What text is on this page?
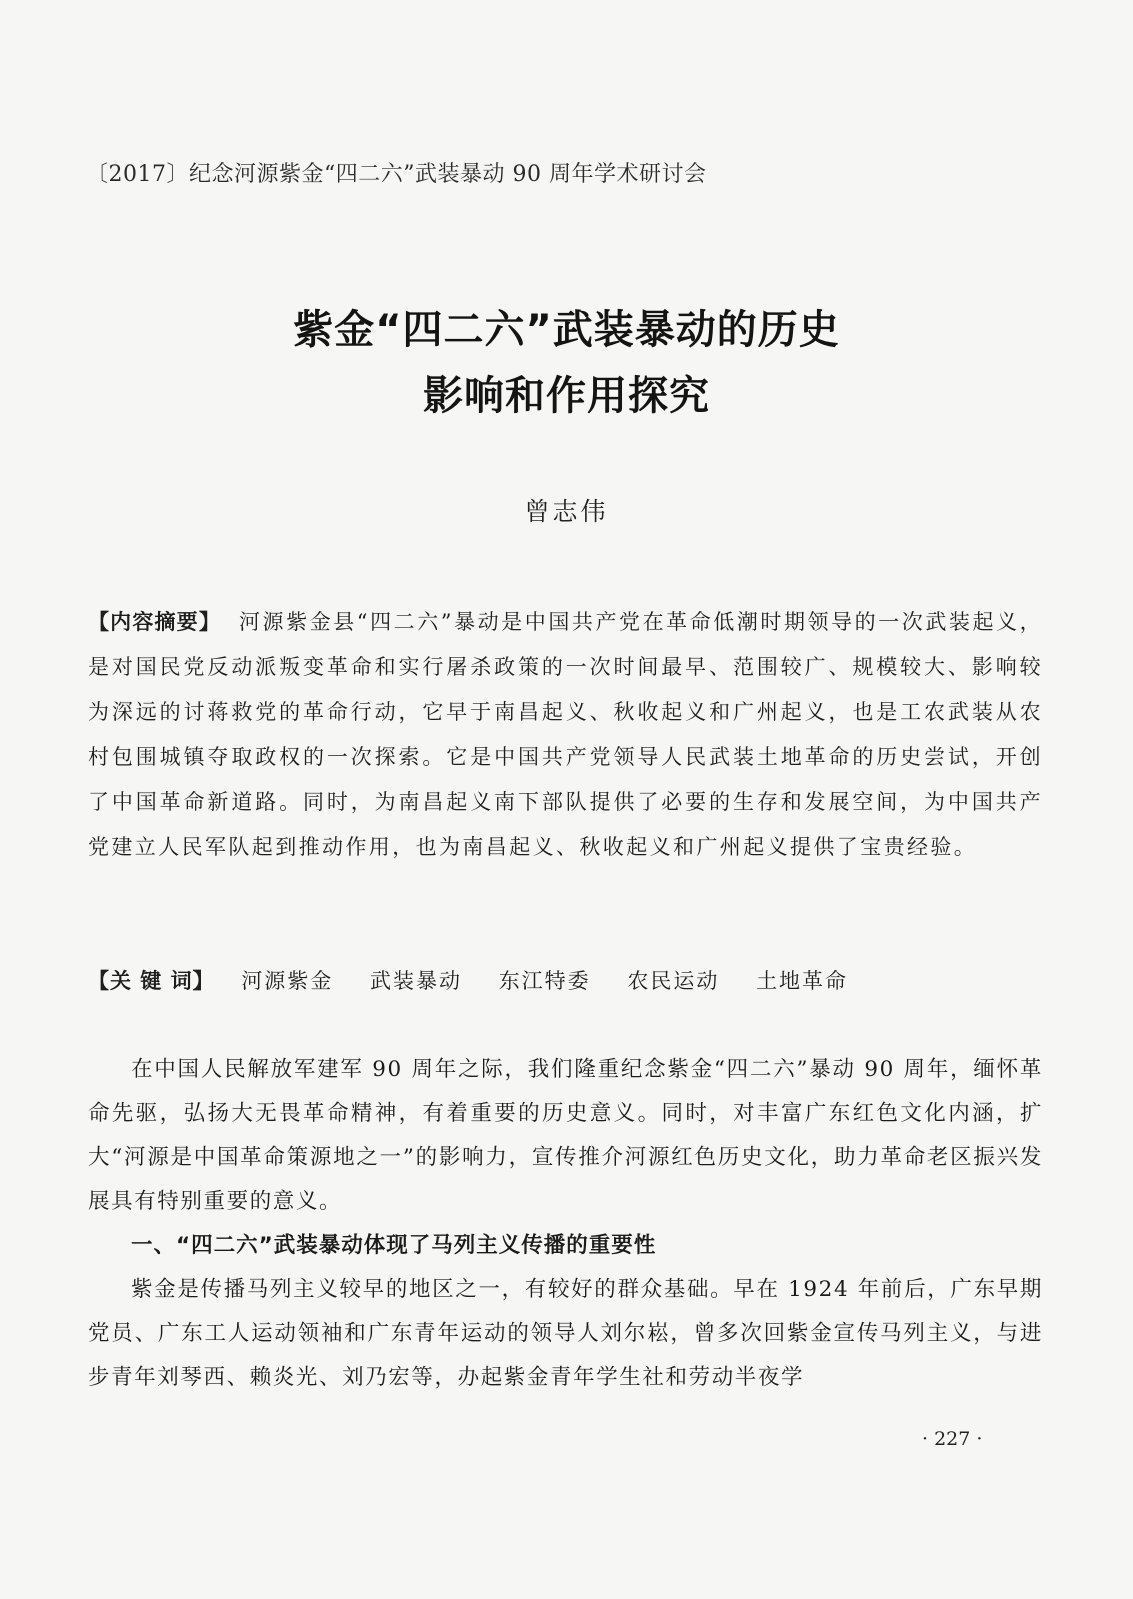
〔2017〕纪念河源紫金“四二六”武装暴动 90 周年学术研讨会
紫金“四二六”武装暴动的历史
影响和作用探究
曾志伟
【内容摘要】 河源紫金县“四二六”暴动是中国共产党在革命低潮时期领导的一次武装起义，是对国民党反动派叛变革命和实行屠杀政策的一次时间最早、范围较广、规模较大、影响较为深远的讨蒋救党的革命行动，它早于南昌起义、秋收起义和广州起义，也是工农武装从农村包围城镇夺取政权的一次探索。它是中国共产党领导人民武装土地革命的历史尝试，开创了中国革命新道路。同时，为南昌起义南下部队提供了必要的生存和发展空间，为中国共产党建立人民军队起到推动作用，也为南昌起义、秋收起义和广州起义提供了宝贵经验。
【关 键 词】 河源紫金 武装暴动 东江特委 农民运动 土地革命

在中国人民解放军建军 90 周年之际，我们隆重纪念紫金“四二六”暴动 90 周年，缅怀革命先驱，弘扬大无畏革命精神，有着重要的历史意义。同时，对丰富广东红色文化内涵，扩大“河源是中国革命策源地之一”的影响力，宣传推介河源红色历史文化，助力革命老区振兴发展具有特别重要的意义。

一、“四二六”武装暴动体现了马列主义传播的重要性

紫金是传播马列主义较早的地区之一，有较好的群众基础。早在 1924 年前后，广东早期党员、广东工人运动领袖和广东青年运动的领导人刘尔崧，曾多次回紫金宣传马列主义，与进步青年刘琴西、赖炎光、刘乃宏等，办起紫金青年学生社和劳动半夜学

· 227 ·
